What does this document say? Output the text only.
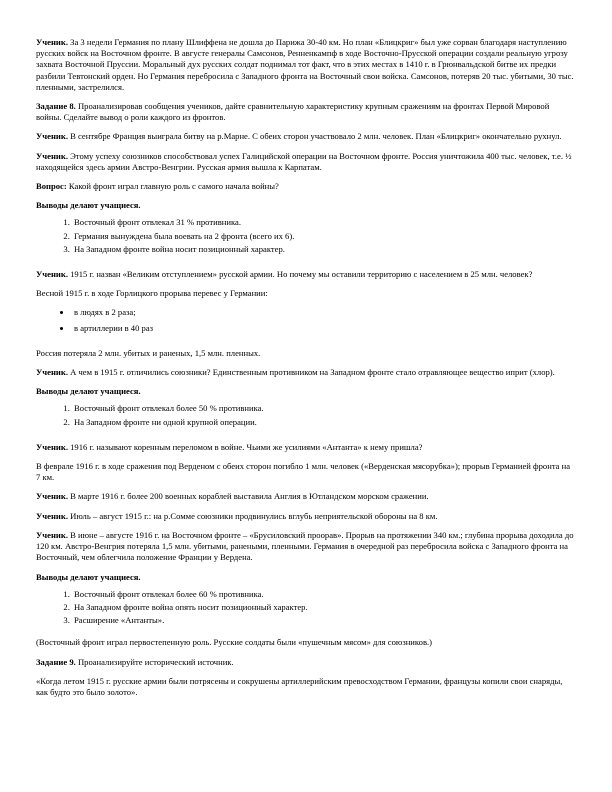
Ученик. За 3 недели Германия по плану Шлиффена не дошла до Парижа 30-40 км. Но план «Блицкриг» был уже сорван благодаря наступлению русских войск на Восточном фронте. В августе генералы Самсонов, Ренненкампф в ходе Восточно-Прусской операции создали реальную угрозу захвата Восточной Пруссии. Моральный дух русских солдат поднимал тот факт, что в этих местах в 1410 г. в Грюнвальдской битве их предки разбили Тевтонский орден. Но Германия перебросила с Западного фронта на Восточный свои войска. Самсонов, потеряв 20 тыс. убитыми, 30 тыс. пленными, застрелился.

Задание 8. Проанализировав сообщения учеников, дайте сравнительную характеристику крупным сражениям на фронтах Первой Мировой войны. Сделайте вывод о роли каждого из фронтов.

Ученик. В сентябре Франция выиграла битву на р.Марне. С обеих сторон участвовало 2 млн. человек. План «Блицкриг» окончательно рухнул.

Ученик. Этому успеху союзников способствовал успех Галицийской операции на Восточном фронте. Россия уничтожила 400 тыс. человек, т.е. ½ находящейся здесь армии Австро-Венгрии. Русская армия вышла к Карпатам.

Вопрос: Какой фронт играл главную роль с самого начала войны?

Выводы делают учащиеся.

1. Восточный фронт отвлекал 31 % противника.
2. Германия вынуждена была воевать на 2 фронта (всего их 6).
3. На Западном фронте война носит позиционный характер.

Ученик. 1915 г. назван «Великим отступлением» русской армии. Но почему мы оставили территорию с населением в 25 млн. человек?

Весной 1915 г. в ходе Горлицкого прорыва перевес у Германии:

• в людях в 2 раза;
• в артиллерии в 40 раз

Россия потеряла 2 млн. убитых и раненых, 1,5 млн. пленных.

Ученик. А чем в 1915 г. отличились союзники? Единственным противником на Западном фронте стало отравляющее вещество иприт (хлор).

Выводы делают учащиеся.

1. Восточный фронт отвлекал более 50 % противника.
2. На Западном фронте ни одной крупной операции.

Ученик. 1916 г. называют коренным переломом в войне. Чьими же усилиями «Антанта» к нему пришла?

В феврале 1916 г. в ходе сражения под Верденом с обеих сторон погибло 1 млн. человек («Верденская мясорубка»); прорыв Германией фронта на 7 км.

Ученик. В марте 1916 г. более 200 военных кораблей выставила Англия в Ютландском морском сражении.

Ученик. Июль – август 1915 г.: на р.Сомме союзники продвинулись вглубь неприятельской обороны на 8 км.

Ученик. В июне – августе 1916 г. на Восточном фронте – «Брусиловский проорав». Прорыв на протяжении 340 км.; глубина прорыва доходила до 120 км. Австро-Венгрия потеряла 1,5 млн. убитыми, ранеными, пленными. Германия в очередной раз перебросила войска с Западного фронта на Восточный, чем облегчила положение Франции у Вердена.

Выводы делают учащиеся.

1. Восточный фронт отвлекал более 60 % противника.
2. На Западном фронте война опять носит позиционный характер.
3. Расширение «Антанты».

(Восточный фронт играл первостепенную роль. Русские солдаты были «пушечным мясом» для союзников.)

Задание 9. Проанализируйте исторический источник.

«Когда летом 1915 г. русские армии были потрясены и сокрушены артиллерийским превосходством Германии, французы копили свои снаряды, как будто это было золото».
